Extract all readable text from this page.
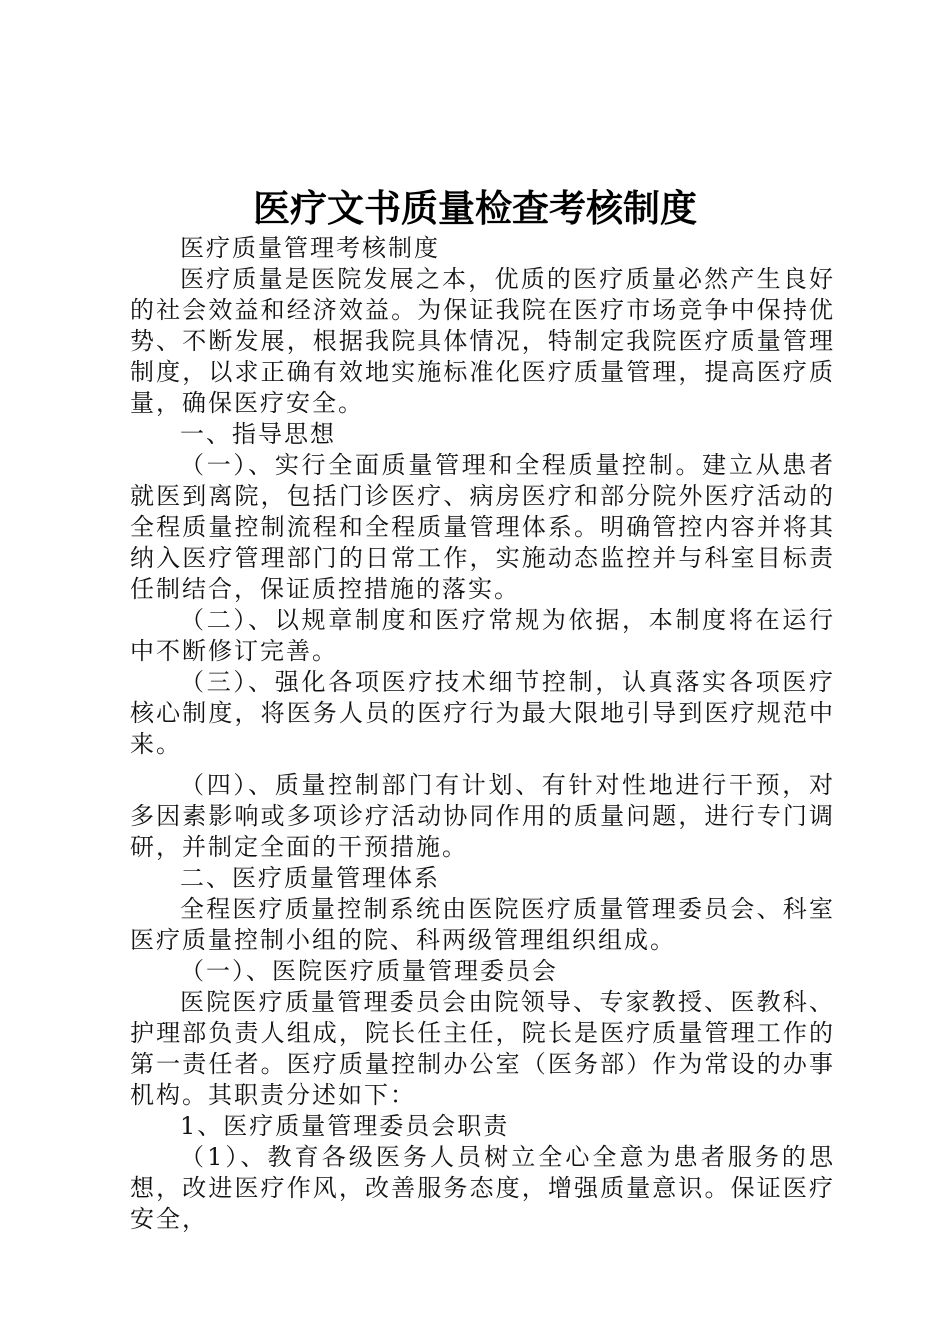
医疗文书质量检查考核制度

医疗质量管理考核制度

医疗质量是医院发展之本，优质的医疗质量必然产生良好的社会效益和经济效益。为保证我院在医疗市场竞争中保持优势、不断发展，根据我院具体情况，特制定我院医疗质量管理制度，以求正确有效地实施标准化医疗质量管理，提高医疗质量，确保医疗安全。

一、指导思想

（一）、实行全面质量管理和全程质量控制。建立从患者就医到离院，包括门诊医疗、病房医疗和部分院外医疗活动的全程质量控制流程和全程质量管理体系。明确管控内容并将其纳入医疗管理部门的日常工作，实施动态监控并与科室目标责任制结合，保证质控措施的落实。

（二）、以规章制度和医疗常规为依据，本制度将在运行中不断修订完善。

（三）、强化各项医疗技术细节控制，认真落实各项医疗核心制度，将医务人员的医疗行为最大限地引导到医疗规范中来。

（四）、质量控制部门有计划、有针对性地进行干预，对多因素影响或多项诊疗活动协同作用的质量问题，进行专门调研，并制定全面的干预措施。

二、医疗质量管理体系

全程医疗质量控制系统由医院医疗质量管理委员会、科室医疗质量控制小组的院、科两级管理组织组成。

（一）、医院医疗质量管理委员会

医院医疗质量管理委员会由院领导、专家教授、医教科、护理部负责人组成，院长任主任，院长是医疗质量管理工作的第一责任者。医疗质量控制办公室（医务部）作为常设的办事机构。其职责分述如下：

1、医疗质量管理委员会职责

（1）、教育各级医务人员树立全心全意为患者服务的思想，改进医疗作风，改善服务态度，增强质量意识。保证医疗安全，
